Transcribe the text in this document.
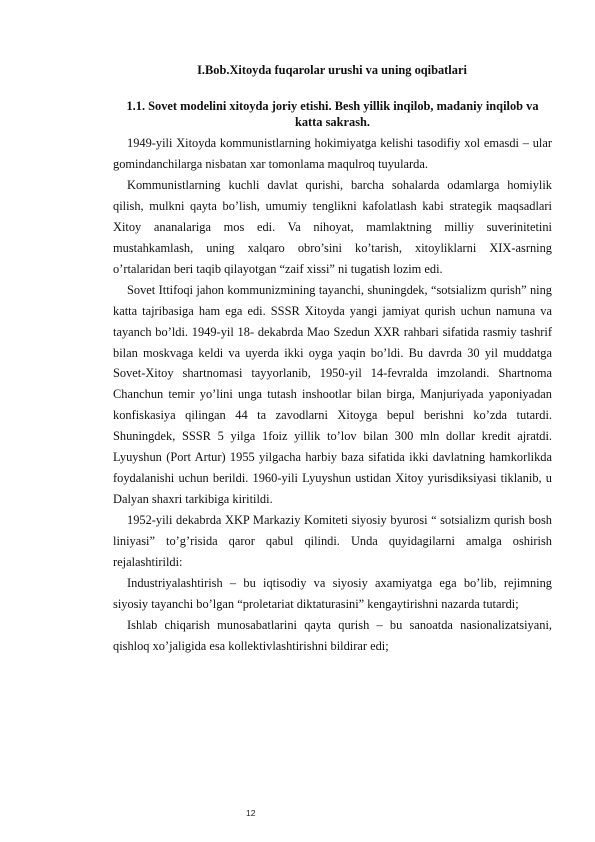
I.Bob.Xitoyda fuqarolar urushi va uning oqibatlari
1.1. Sovet modelini xitoyda joriy etishi. Besh yillik inqilob, madaniy inqilob va katta sakrash.

1949-yili Xitoyda kommunistlarning hokimiyatga kelishi tasodifiy xol emasdi – ular gomindanchilarga nisbatan xar tomonlama maqulroq tuyularda.

Kommunistlarning kuchli davlat qurishi, barcha sohalarda odamlarga homiylik qilish, mulkni qayta bo’lish, umumiy tenglikni kafolatlash kabi strategik maqsadlari Xitoy ananalariga mos edi. Va nihoyat, mamlaktning milliy suverinitetini mustahkamlash, uning xalqaro obro’sini ko’tarish, xitoyliklarni XIX-asrning o’rtalaridan beri taqib qilayotgan “zaif xissi” ni tugatish lozim edi.

Sovet Ittifoqi jahon kommunizmining tayanchi, shuningdek, “sotsializm qurish” ning katta tajribasiga ham ega edi. SSSR Xitoyda yangi jamiyat qurish uchun namuna va tayanch bo’ldi. 1949-yil 18- dekabrda Mao Szedun XXR rahbari sifatida rasmiy tashrif bilan moskvaga keldi va uyerda ikki oyga yaqin bo’ldi. Bu davrda 30 yil muddatga Sovet-Xitoy shartnomasi tayyorlanib, 1950-yil 14-fevralda imzolandi. Shartnoma Chanchun temir yo’lini unga tutash inshootlar bilan birga, Manjuriyada yaponiyadan konfiskasiya qilingan 44 ta zavodlarni Xitoyga bepul berishni ko’zda tutardi. Shuningdek, SSSR 5 yilga 1foiz yillik to’lov bilan 300 mln dollar kredit ajratdi. Lyuyshun (Port Artur) 1955 yilgacha harbiy baza sifatida ikki davlatning hamkorlikda foydalanishi uchun berildi. 1960-yili Lyuyshun ustidan Xitoy yurisdiksiyasi tiklanib, u Dalyan shaxri tarkibiga kiritildi.

1952-yili dekabrda XKP Markaziy Komiteti siyosiy byurosi “ sotsializm qurish bosh liniyasi” to’g’risida qaror qabul qilindi. Unda quyidagilarni amalga oshirish rejalashtirildi:

Industriyalashtirish – bu iqtisodiy va siyosiy axamiyatga ega bo’lib, rejimning siyosiy tayanchi bo’lgan “proletariat diktaturasini” kengaytirishni nazarda tutardi;

Ishlab chiqarish munosabatlarini qayta qurish – bu sanoatda nasionalizatsiyani, qishloq xo’jaligida esa kollektivlashtirishni bildirar edi;

12
